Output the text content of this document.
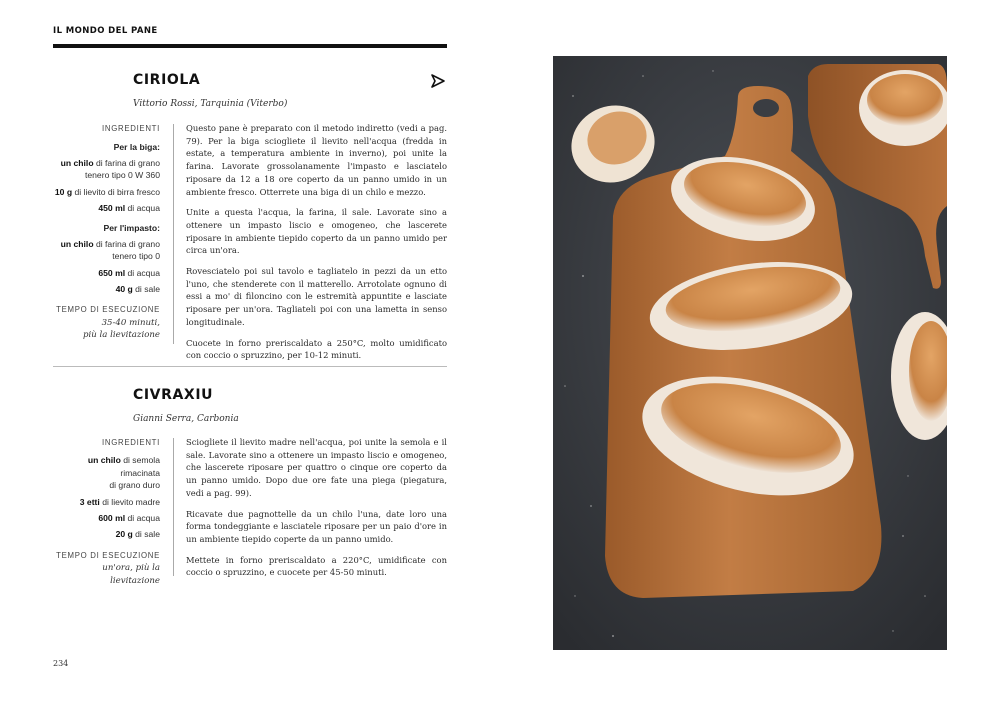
IL MONDO DEL PANE
CIRIOLA
Vittorio Rossi, Tarquinia (Viterbo)
INGREDIENTI
Per la biga:
un chilo di farina di grano
tenero tipo 0 W 360
10 g di lievito di birra fresco
450 ml di acqua
Per l'impasto:
un chilo di farina di grano
tenero tipo 0
650 ml di acqua
40 g di sale
TEMPO DI ESECUZIONE
35-40 minuti,
più la lievitazione

Questo pane è preparato con il metodo indiretto (vedi a pag. 79). Per la biga sciogliete il lievito nell'acqua (fredda in estate, a temperatura ambiente in inverno), poi unite la farina. Lavorate grossolanamente l'impasto e lasciatelo riposare da 12 a 18 ore coperto da un panno umido in un ambiente fresco. Otterrete una biga di un chilo e mezzo.

Unite a questa l'acqua, la farina, il sale. Lavorate sino a ottenere un impasto liscio e omogeneo, che lascerete riposare in ambiente tiepido coperto da un panno umido per circa un'ora.

Rovesciatelo poi sul tavolo e tagliatelo in pezzi da un etto l'uno, che stenderete con il matterello. Arrotolate ognuno di essi a mo' di filoncino con le estremità appuntite e lasciate riposare per un'ora. Tagliateli poi con una lametta in senso longitudinale.

Cuocete in forno preriscaldato a 250°C, molto umidificato con coccio o spruzzino, per 10-12 minuti.

CIVRAXIU
Gianni Serra, Carbonia
INGREDIENTI
un chilo di semola rimacinata
di grano duro
3 etti di lievito madre
600 ml di acqua
20 g di sale
TEMPO DI ESECUZIONE
un'ora, più la lievitazione

Sciogliete il lievito madre nell'acqua, poi unite la semola e il sale. Lavorate sino a ottenere un impasto liscio e omogeneo, che lascerete riposare per quattro o cinque ore coperto da un panno umido. Dopo due ore fate una piega (piegatura, vedi a pag. 99).

Ricavate due pagnottelle da un chilo l'una, date loro una forma tondeggiante e lasciatele riposare per un paio d'ore in un ambiente tiepido coperte da un panno umido.

Mettete in forno preriscaldato a 220°C, umidificate con coccio o spruzzino, e cuocete per 45-50 minuti.

234
